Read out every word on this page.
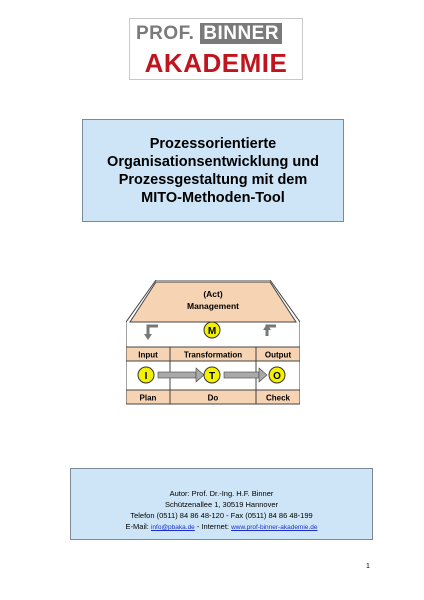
PROF. BINNER
AKADEMIE
Prozessorientierte
Organisationsentwicklung und
Prozessgestaltung mit dem
MITO-Methoden-Tool
(Act)
Management
M
Input	Transformation	Output
I	T	O
Plan	Do	Check
Autor: Prof. Dr.-Ing. H.F. Binner
Schützenallee 1, 30519 Hannover
Telefon (0511) 84 86 48-120 - Fax (0511) 84 86 48-199
E-Mail: info@pbaka.de - Internet: www.prof-binner-akademie.de
1
